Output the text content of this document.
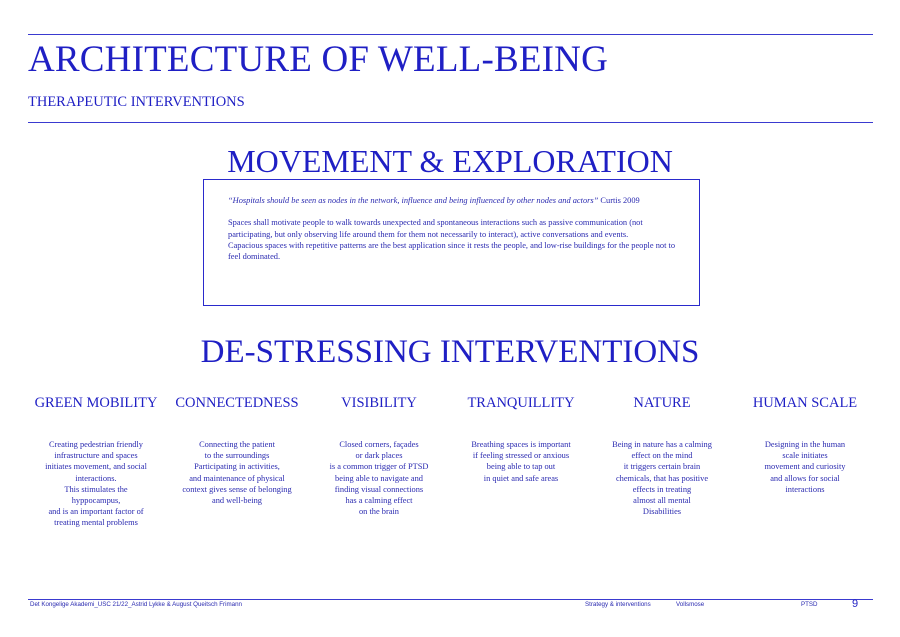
ARCHITECTURE OF WELL-BEING
THERAPEUTIC INTERVENTIONS
MOVEMENT & EXPLORATION

“Hospitals should be seen as nodes in the network, influence and being influenced by other nodes and actors” Curtis 2009

Spaces shall motivate people to walk towards unexpected and spontaneous interactions such as passive communication (not participating, but only observing life around them for them not necessarily to interact), active conversations and events.

Capacious spaces with repetitive patterns are the best application since it rests the people, and low-rise buildings for the people not to feel dominated.

DE-STRESSING INTERVENTIONS
GREEN MOBILITY
Creating pedestrian friendly
infrastructure and spaces
initiates movement, and social
interactions.
This stimulates the
hyppocampus,
and is an important factor of
treating mental problems
CONNECTEDNESS
Connecting the patient
to the surroundings
Participating in activities,
and maintenance of physical
context gives sense of belonging
and well-being
VISIBILITY
Closed corners, façades
or dark places
is a common trigger of PTSD
being able to navigate and
finding visual connections
has a calming effect
on the brain
TRANQUILLITY
Breathing spaces is important
if feeling stressed or anxious
being able to tap out
in quiet and safe areas
NATURE
Being in nature has a calming
effect on the mind
it triggers certain brain
chemicals, that has positive
effects in treating
almost all mental
Disabilities
HUMAN SCALE
Designing in the human
scale initiates
movement and curiosity
and allows for social
interactions
Det Kongelige Akademi_USC 21/22_Astrid Lykke & August Queitsch Frimann	Strategy & interventions	Vollsmose	PTSD	9
